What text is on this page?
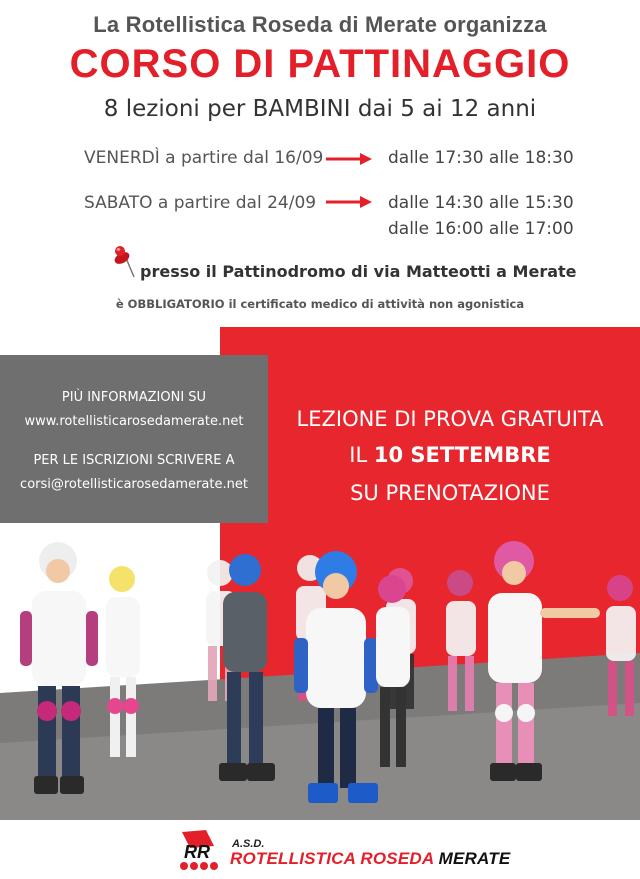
La Rotellistica Roseda di Merate organizza
CORSO DI PATTINAGGIO
8 lezioni per BAMBINI dai 5 ai 12 anni
VENERDÌ a partire dal 16/09	dalle 17:30 alle 18:30
SABATO a partire dal 24/09	dalle 14:30 alle 15:30
dalle 16:00 alle 17:00
presso il Pattinodromo di via Matteotti a Merate
è OBBLIGATORIO il certificato medico di attività non agonistica
PIÙ INFORMAZIONI SU
www.rotellisticarosedamerate.net
PER LE ISCRIZIONI SCRIVERE A
corsi@rotellisticarosedamerate.net
LEZIONE DI PROVA GRATUITA
IL 10 SETTEMBRE
SU PRENOTAZIONE
RR A.S.D.
ROTELLISTICA ROSEDA MERATE
